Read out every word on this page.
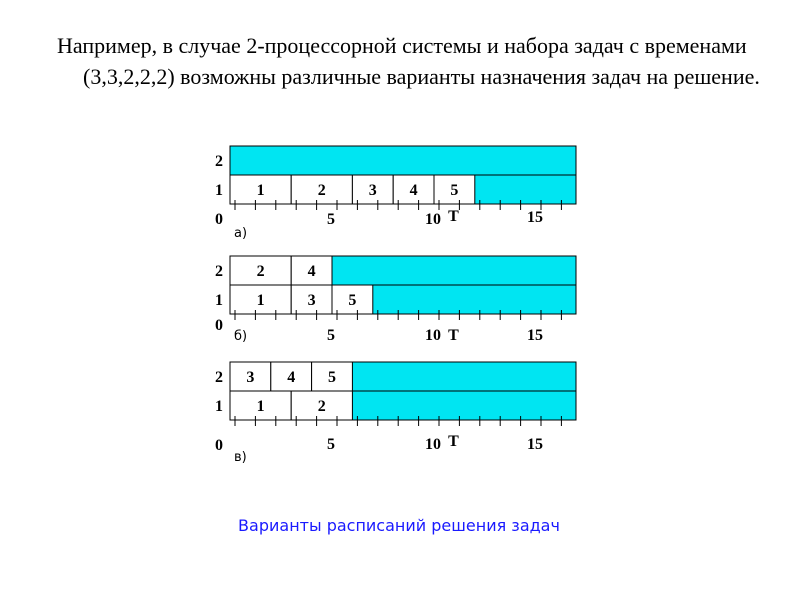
Например, в случае 2-процессорной системы и набора задач с временами (3,3,2,2,2) возможны различные варианты назначения задач на решение.

Варианты расписаний решения задач
2
1 1	2	3 4 5
0	5	10 T	15
а)
2 2	4
1 1	3 5
0
5	10 T	15
б)
2 3 4 5
1 1	2
0	5	10 T	15
в)
